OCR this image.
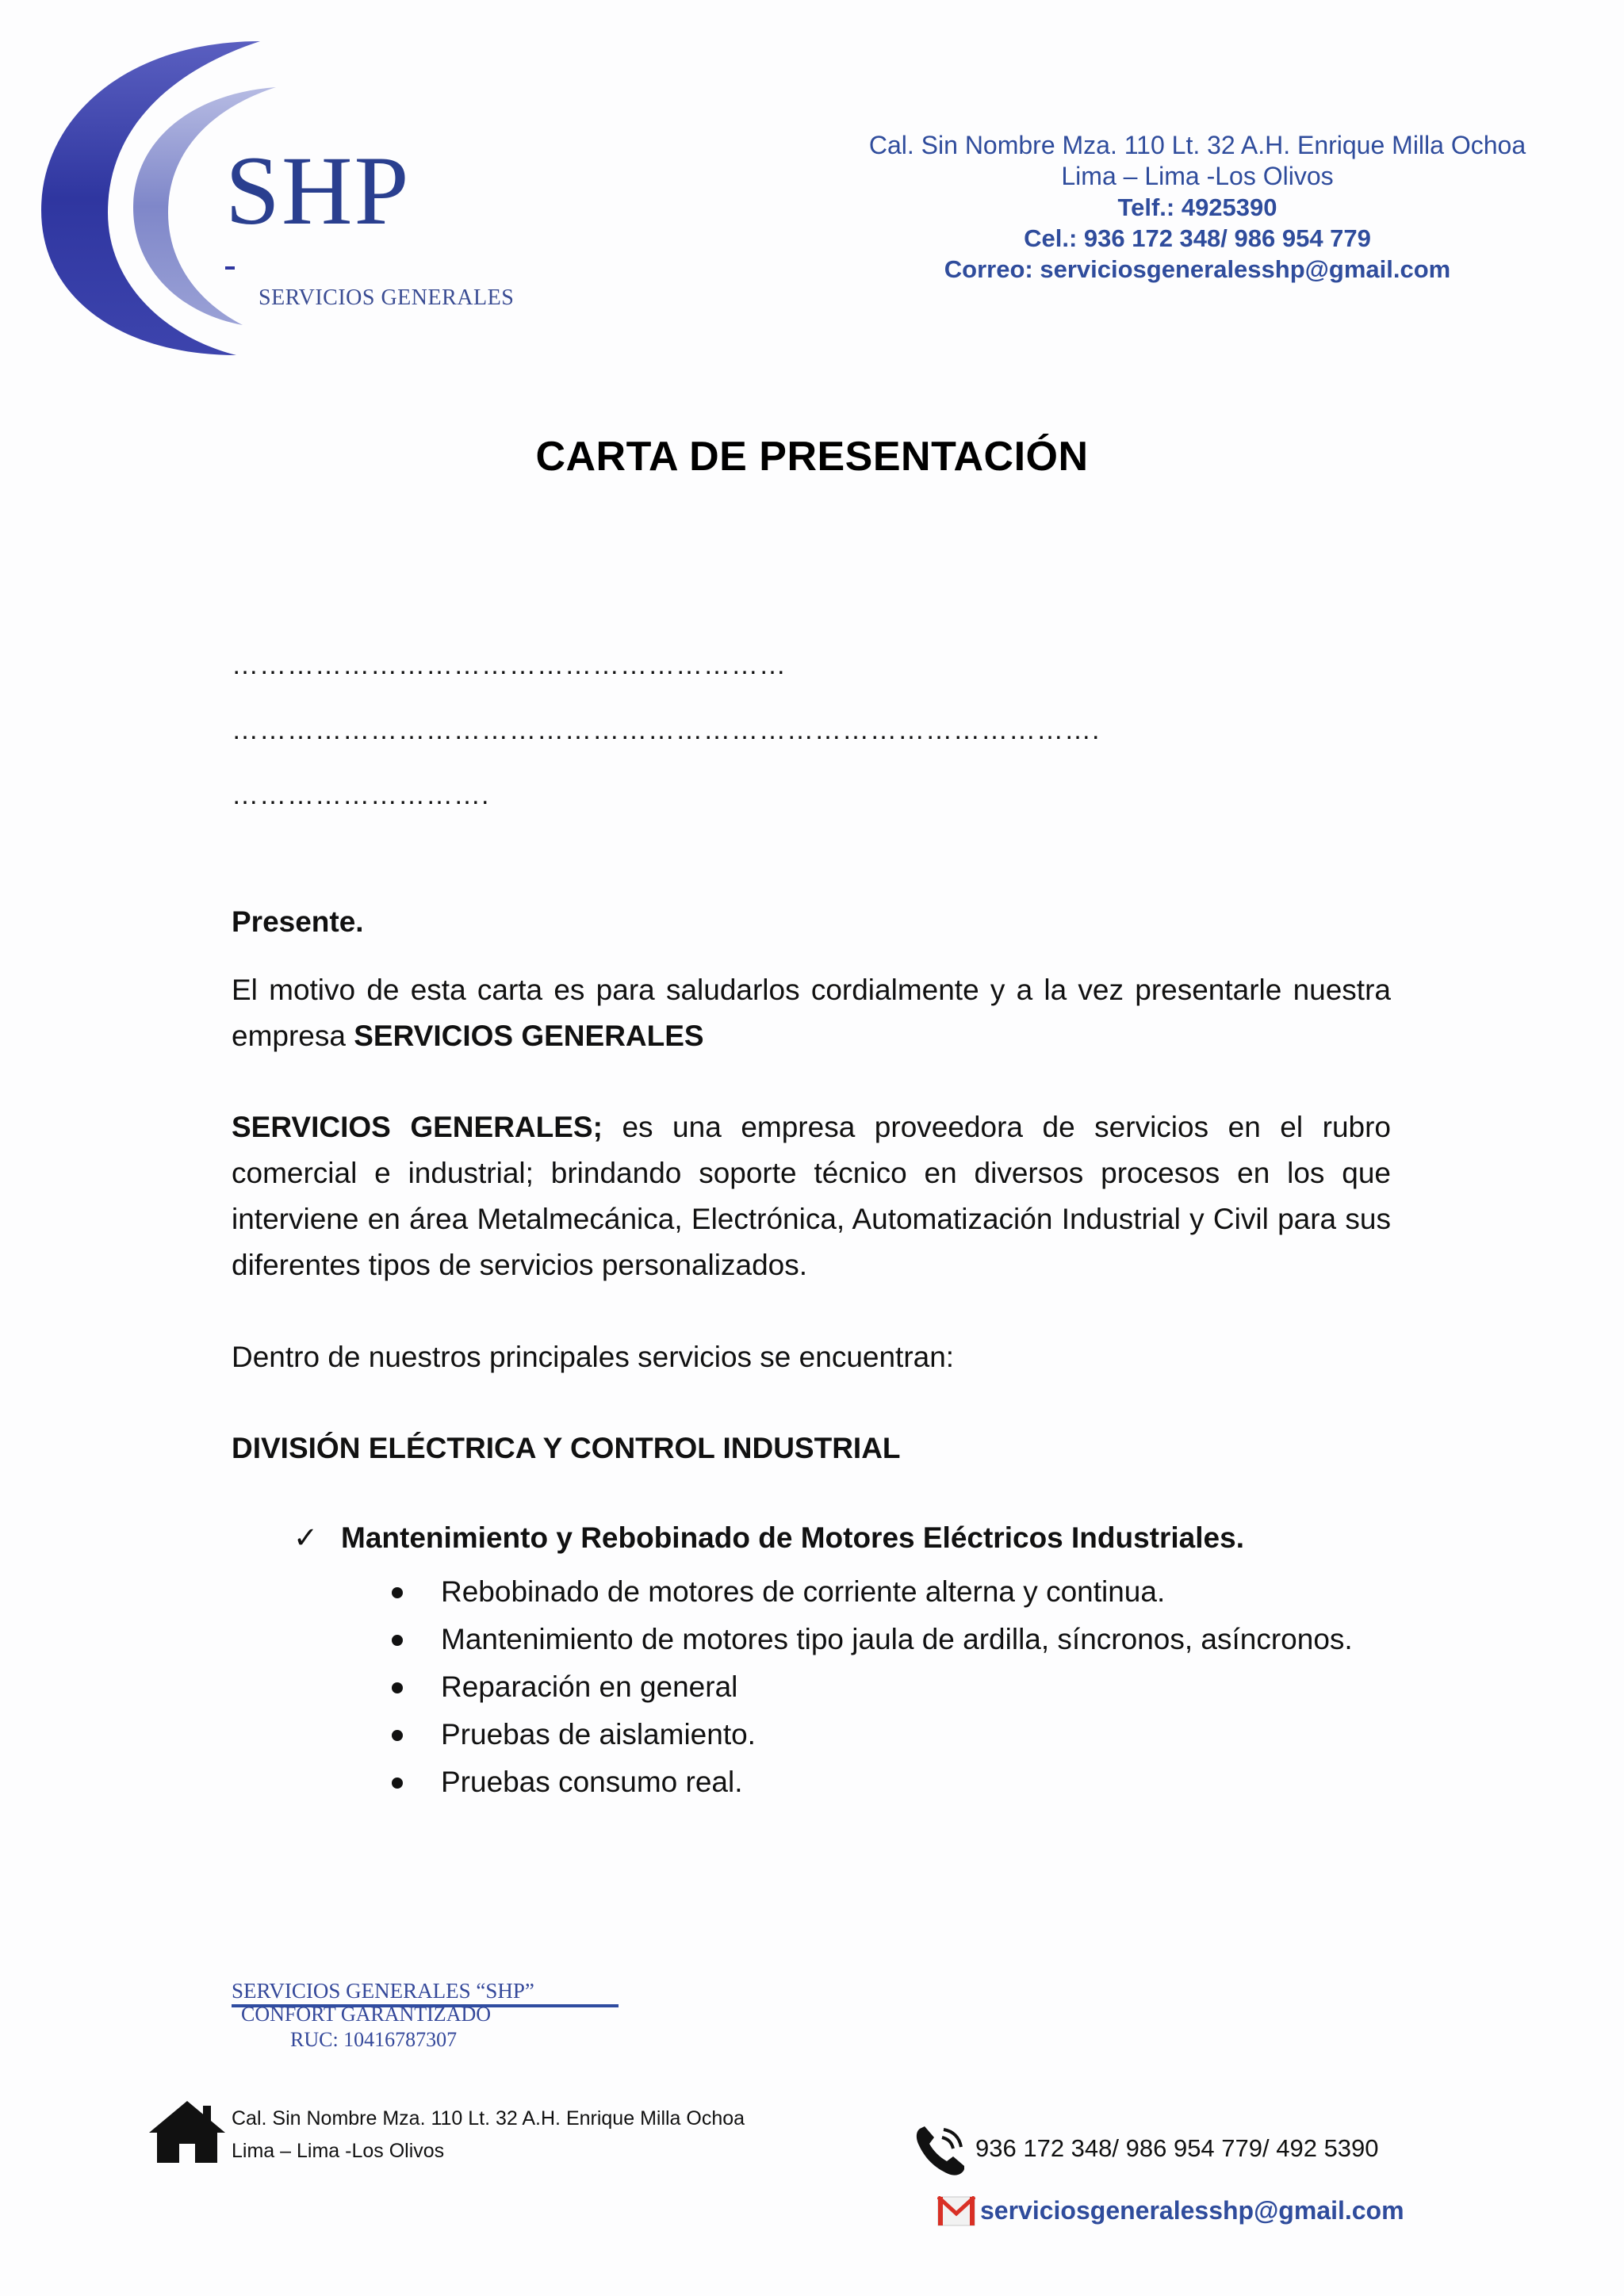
SHP
SERVICIOS GENERALES
Cal. Sin Nombre Mza. 110 Lt. 32 A.H. Enrique Milla Ochoa
Lima – Lima -Los Olivos
Telf.: 4925390
Cel.: 936 172 348/ 986 954 779
Correo: serviciosgeneralesshp@gmail.com
CARTA DE PRESENTACIÓN
……………………………………………………
………………………………………………………………………………….
……………………….
Presente.
El motivo de esta carta es para saludarlos cordialmente y a la vez presentarle nuestra empresa SERVICIOS GENERALES
SERVICIOS GENERALES; es una empresa proveedora de servicios en el rubro comercial e industrial; brindando soporte técnico en diversos procesos en los que interviene en área Metalmecánica, Electrónica, Automatización Industrial y Civil para sus diferentes tipos de servicios personalizados.
Dentro de nuestros principales servicios se encuentran:
DIVISIÓN ELÉCTRICA Y CONTROL INDUSTRIAL
✓ Mantenimiento y Rebobinado de Motores Eléctricos Industriales.
Rebobinado de motores de corriente alterna y continua.
Mantenimiento de motores tipo jaula de ardilla, síncronos, asíncronos.
Reparación en general
Pruebas de aislamiento.
Pruebas consumo real.
SERVICIOS GENERALES “SHP”
CONFORT GARANTIZADO
RUC: 10416787307
Cal. Sin Nombre Mza. 110 Lt. 32 A.H. Enrique Milla Ochoa
Lima – Lima -Los Olivos	936 172 348/ 986 954 779/ 492 5390
serviciosgeneralesshp@gmail.com
